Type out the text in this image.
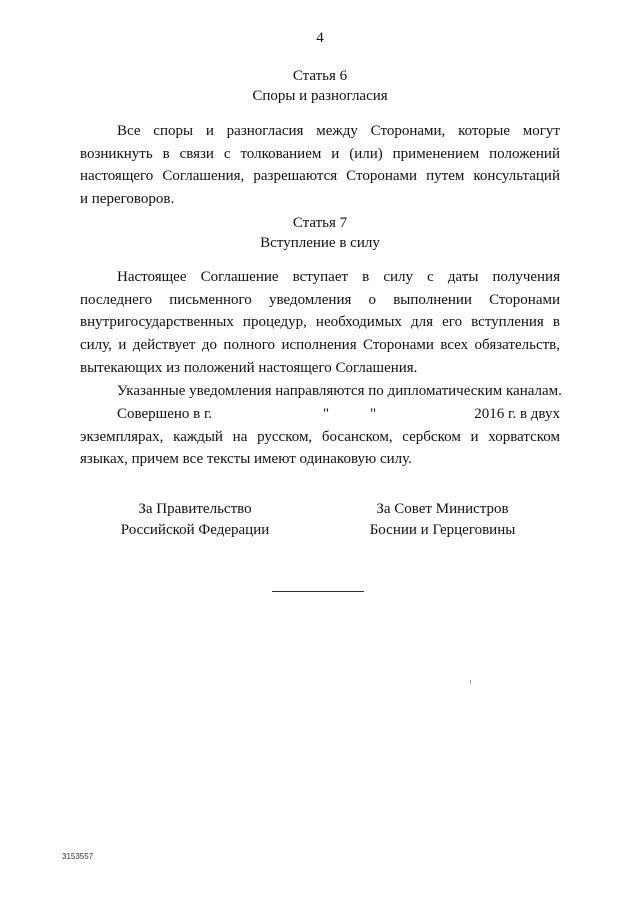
4
Статья 6
Споры и разногласия
Все споры и разногласия между Сторонами, которые могут
возникнуть в связи с толкованием и (или) применением положений
настоящего Соглашения, разрешаются Сторонами путем консультаций
и переговоров.
Статья 7
Вступление в силу
Настоящее Соглашение вступает в силу с даты получения
последнего письменного уведомления о выполнении Сторонами
внутригосударственных процедур, необходимых для его вступления в
силу, и действует до полного исполнения Сторонами всех обязательств,
вытекающих из положений настоящего Соглашения.
Указанные уведомления направляются по дипломатическим каналам.
Совершено в г.	"	"	2016 г. в двух
экземплярах, каждый на русском, босанском, сербском и хорватском
языках, причем все тексты имеют одинаковую силу.
За Правительство
Российской Федерации
За Совет Министров
Боснии и Герцеговины
3153557
